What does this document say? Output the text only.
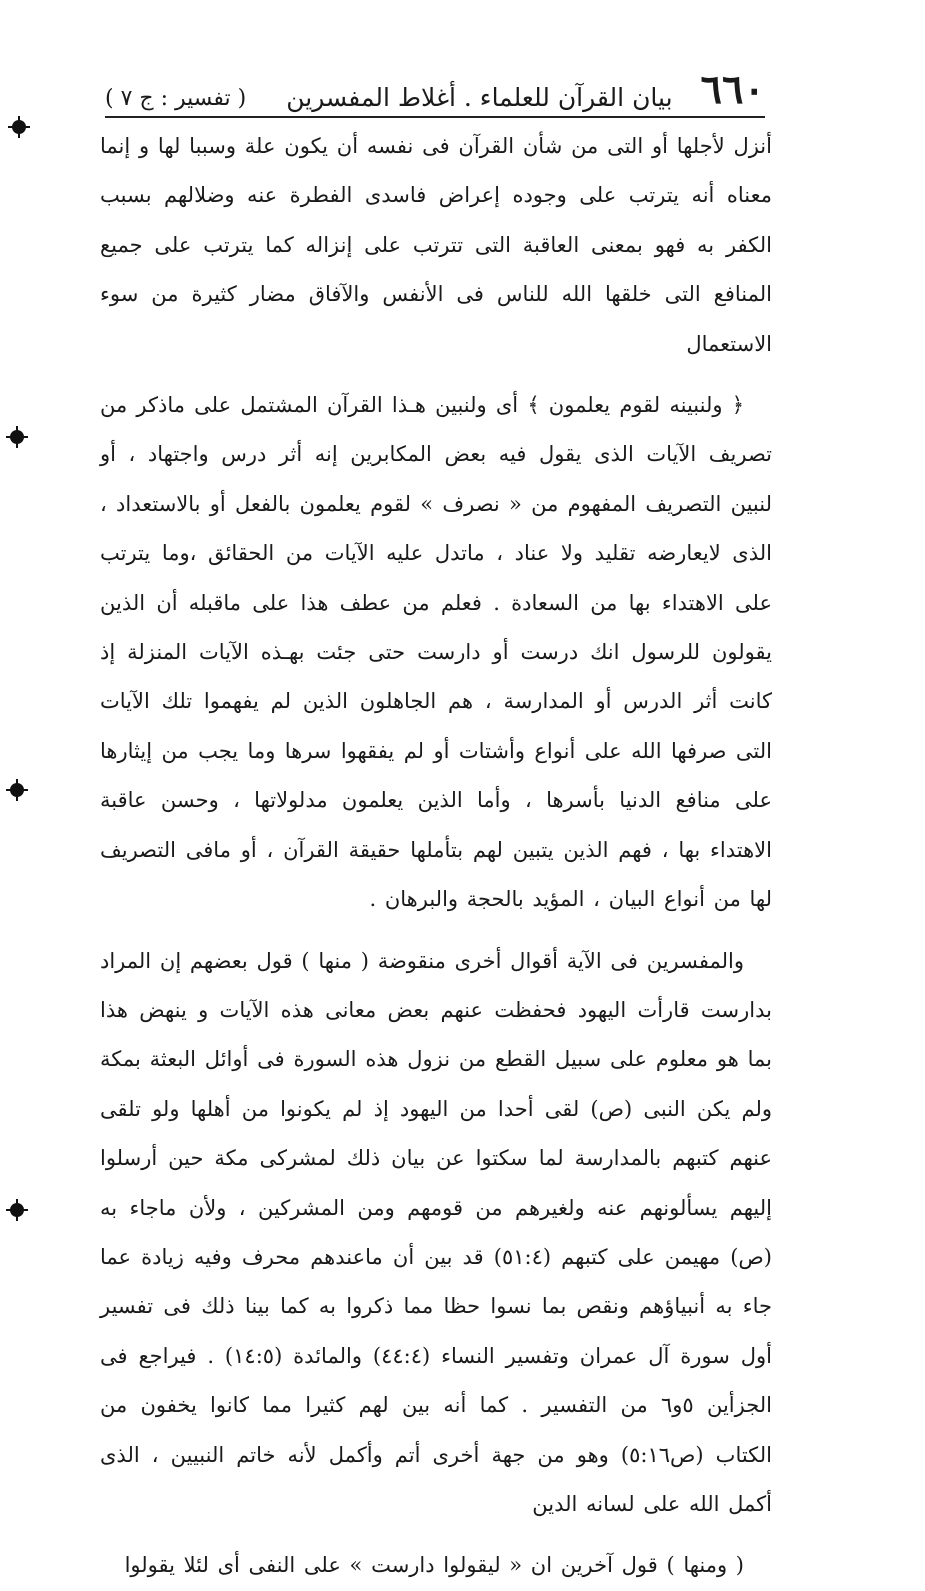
٦٦٠
بيان القرآن للعلماء . أغلاط المفسرين
( تفسير : ج ٧ )

أنزل لأجلها أو التى من شأن القرآن فى نفسه أن يكون علة وسببا لها و إنما معناه أنه يترتب على وجوده إعراض فاسدى الفطرة عنه وضلالهم بسبب الكفر به فهو بمعنى العاقبة التى تترتب على إنزاله كما يترتب على جميع المنافع التى خلقها الله للناس فى الأنفس والآفاق مضار كثيرة من سوء الاستعمال

﴿ ولنبينه لقوم يعلمون ﴾ أى ولنبين هـذا القرآن المشتمل على ماذكر من تصريف الآيات الذى يقول فيه بعض المكابرين إنه أثر درس واجتهاد ، أو لنبين التصريف المفهوم من « نصرف » لقوم يعلمون بالفعل أو بالاستعداد ، الذى لايعارضه تقليد ولا عناد ، ماتدل عليه الآيات من الحقائق ،وما يترتب على الاهتداء بها من السعادة . فعلم من عطف هذا على ماقبله أن الذين يقولون للرسول انك درست أو دارست حتى جئت بهـذه الآيات المنزلة إذ كانت أثر الدرس أو المدارسة ، هم الجاهلون الذين لم يفهموا تلك الآيات التى صرفها الله على أنواع وأشتات أو لم يفقهوا سرها وما يجب من إيثارها على منافع الدنيا بأسرها ، وأما الذين يعلمون مدلولاتها ، وحسن عاقبة الاهتداء بها ، فهم الذين يتبين لهم بتأملها حقيقة القرآن ، أو مافى التصريف لها من أنواع البيان ، المؤيد بالحجة والبرهان .

والمفسرين فى الآية أقوال أخرى منقوضة ( منها ) قول بعضهم إن المراد بدارست قارأت اليهود فحفظت عنهم بعض معانى هذه الآيات و ينهض هذا بما هو معلوم على سبيل القطع من نزول هذه السورة فى أوائل البعثة بمكة ولم يكن النبى (ص) لقى أحدا من اليهود إذ لم يكونوا من أهلها ولو تلقى عنهم كتبهم بالمدارسة لما سكتوا عن بيان ذلك لمشركى مكة حين أرسلوا إليهم يسألونهم عنه ولغيرهم من قومهم ومن المشركين ، ولأن ماجاء به (ص) مهيمن على كتبهم (٥١:٤) قد بين أن ماعندهم محرف وفيه زيادة عما جاء به أنبياؤهم ونقص بما نسوا حظا مما ذكروا به كما بينا ذلك فى تفسير أول سورة آل عمران وتفسير النساء (٤٤:٤) والمائدة (١٤:٥) . فيراجع فى الجزأين ٥و٦ من التفسير . كما أنه بين لهم كثيرا مما كانوا يخفون من الكتاب (ص٥:١٦) وهو من جهة أخرى أتم وأكمل لأنه خاتم النبيين ، الذى أكمل الله على لسانه الدين

( ومنها ) قول آخرين ان « ليقولوا دارست » على النفى أى لئلا يقولوا
